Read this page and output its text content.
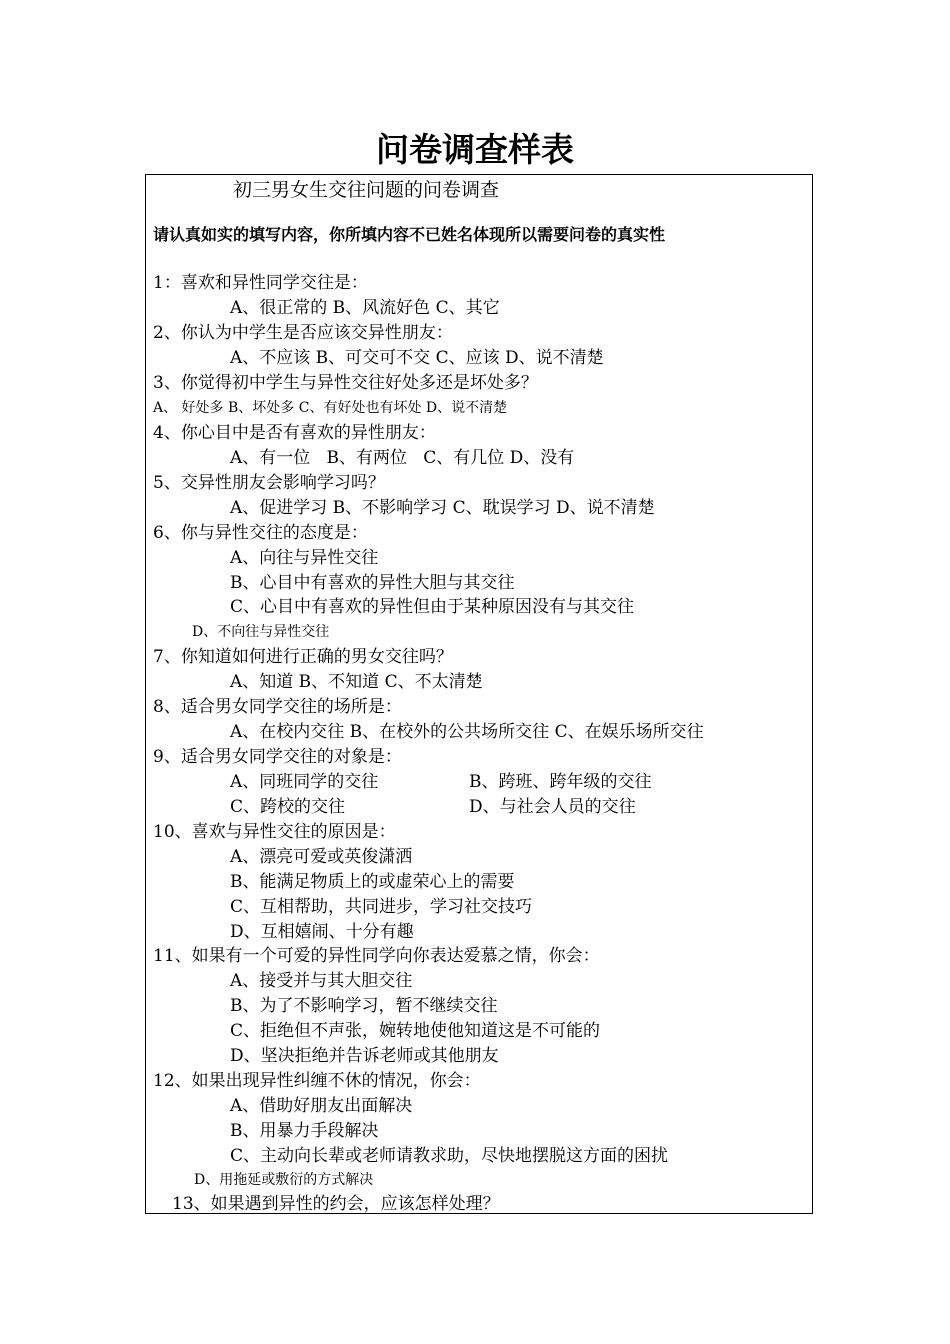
问卷调查样表
初三男女生交往问题的问卷调查
请认真如实的填写内容，你所填内容不已姓名体现所以需要问卷的真实性
1：喜欢和异性同学交往是：
A、很正常的 B、风流好色 C、其它
2、你认为中学生是否应该交异性朋友：
A、不应该 B、可交可不交 C、应该 D、说不清楚
3、你觉得初中学生与异性交往好处多还是坏处多？
A、 好处多 B、坏处多 C、有好处也有坏处 D、说不清楚
4、你心目中是否有喜欢的异性朋友：
A、有一位   B、有两位   C、有几位 D、没有
5、交异性朋友会影响学习吗？
A、促进学习 B、不影响学习 C、耽误学习 D、说不清楚
6、你与异性交往的态度是：
A、向往与异性交往
B、心目中有喜欢的异性大胆与其交往
C、心目中有喜欢的异性但由于某种原因没有与其交往
D、不向往与异性交往
7、你知道如何进行正确的男女交往吗？
A、知道 B、不知道 C、不太清楚
8、适合男女同学交往的场所是：
A、在校内交往 B、在校外的公共场所交往 C、在娱乐场所交往
9、适合男女同学交往的对象是：
A、同班同学的交往	B、跨班、跨年级的交往
C、跨校的交往	D、与社会人员的交往
10、喜欢与异性交往的原因是：
A、漂亮可爱或英俊潇洒
B、能满足物质上的或虚荣心上的需要
C、互相帮助，共同进步，学习社交技巧
D、互相嬉闹、十分有趣
11、如果有一个可爱的异性同学向你表达爱慕之情，你会：
A、接受并与其大胆交往
B、为了不影响学习，暂不继续交往
C、拒绝但不声张，婉转地使他知道这是不可能的
D、坚决拒绝并告诉老师或其他朋友
12、如果出现异性纠缠不休的情况，你会：
A、借助好朋友出面解决
B、用暴力手段解决
C、主动向长辈或老师请教求助，尽快地摆脱这方面的困扰
D、用拖延或敷衍的方式解决
13、如果遇到异性的约会，应该怎样处理？
